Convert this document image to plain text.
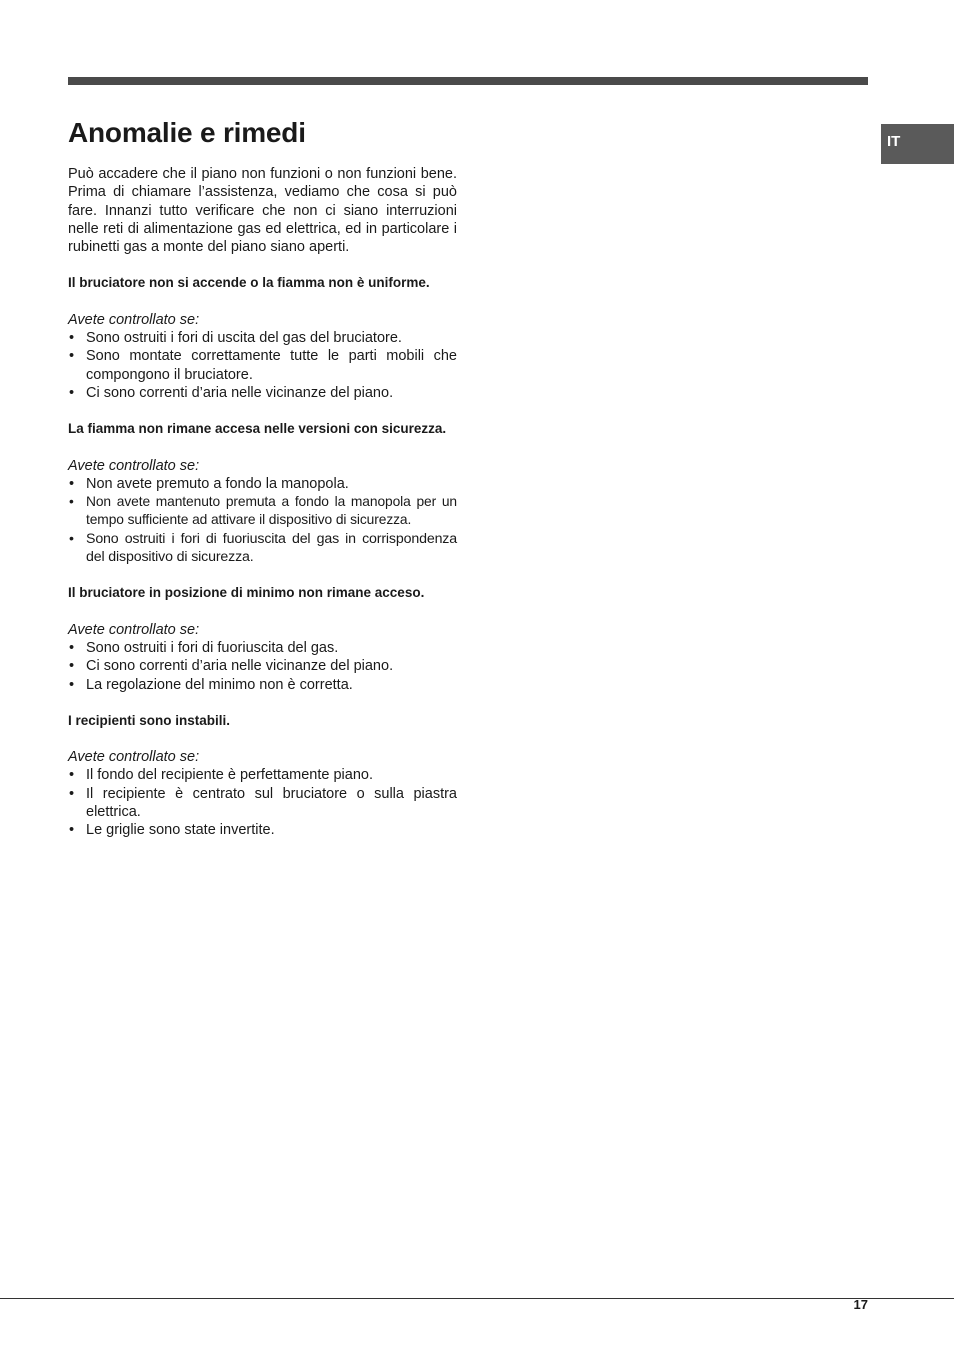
IT
Anomalie e rimedi

Può accadere che il piano non funzioni o non funzioni bene. Prima di chiamare l’assistenza, vediamo che cosa si può fare. Innanzi tutto verificare che non ci siano interruzioni nelle reti di alimentazione gas ed elettrica, ed in particolare i rubinetti gas a monte del piano siano aperti.

Il bruciatore non si accende o la fiamma non è uniforme.

Avete controllato se:

• Sono ostruiti i fori di uscita del gas del bruciatore.
• Sono montate correttamente tutte le parti mobili che compongono il bruciatore.
• Ci sono correnti d’aria nelle vicinanze del piano.

La fiamma non rimane accesa nelle versioni con sicurezza.

Avete controllato se:

• Non avete premuto a fondo la manopola.
• Non avete mantenuto premuta a fondo la manopola per un tempo sufficiente ad attivare il dispositivo di sicurezza.
• Sono ostruiti i fori di fuoriuscita del gas in corrispondenza del dispositivo di sicurezza.

Il bruciatore in posizione di minimo non rimane acceso.

Avete controllato se:

• Sono ostruiti i fori di fuoriuscita del gas.
• Ci sono correnti d’aria nelle vicinanze del piano.
• La regolazione del minimo non è corretta.

I recipienti sono instabili.

Avete controllato se:

• Il fondo del recipiente è perfettamente piano.
• Il recipiente è centrato sul bruciatore o sulla piastra elettrica.
• Le griglie sono state invertite.
17
